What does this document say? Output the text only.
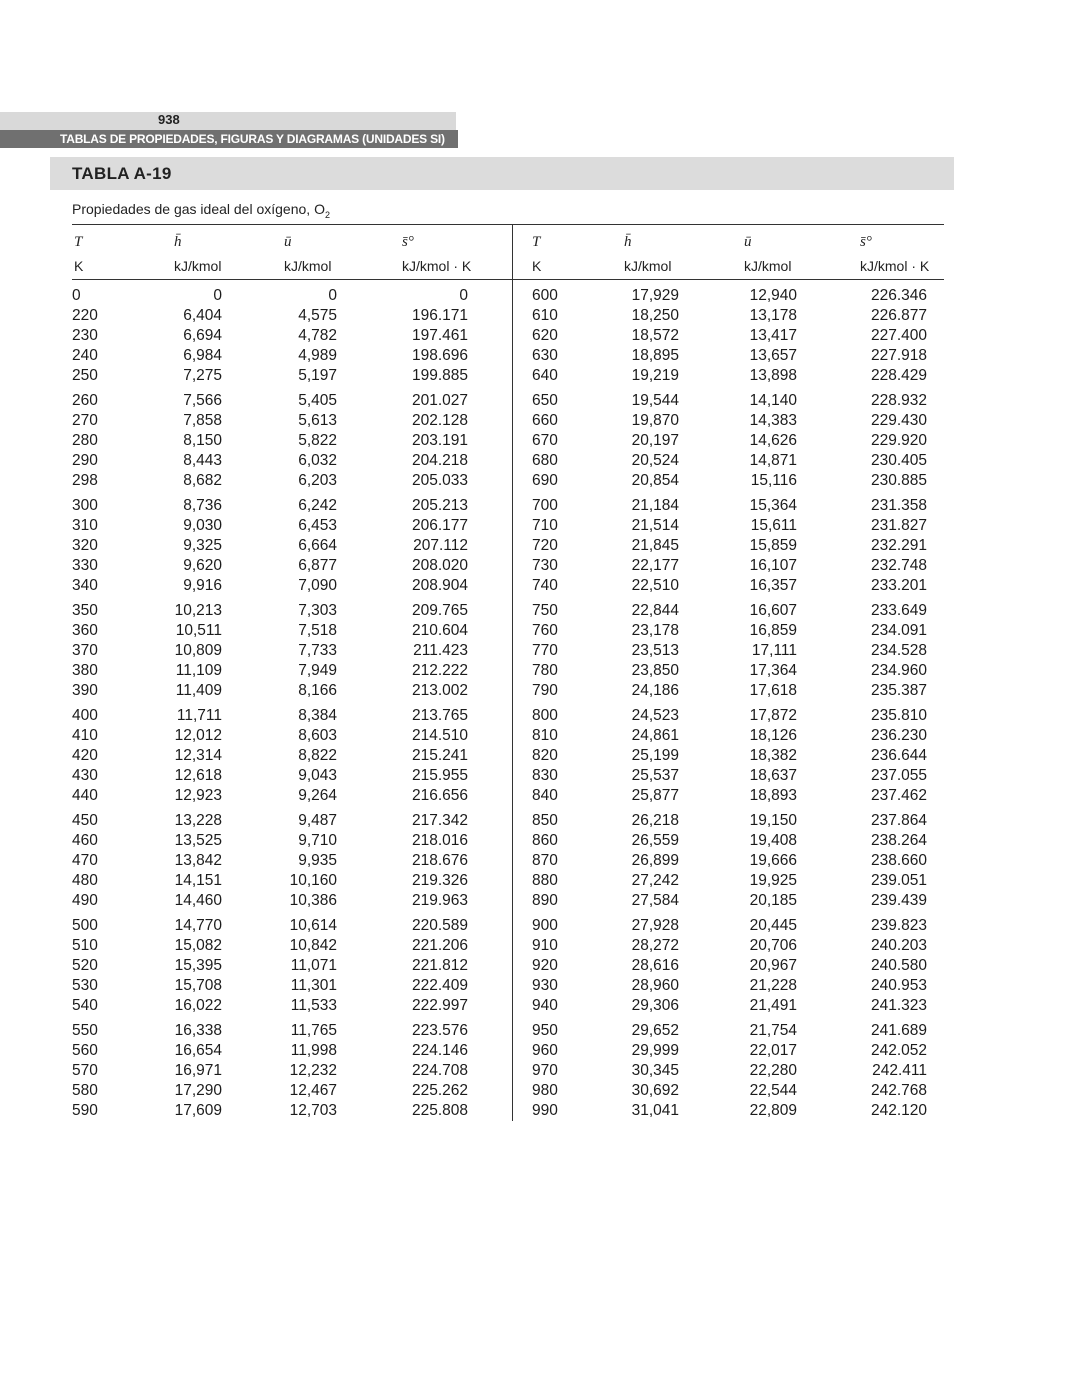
938
TABLAS DE PROPIEDADES, FIGURAS Y DIAGRAMAS (UNIDADES SI)
TABLA A-19
Propiedades de gas ideal del oxígeno, $O_2$
T
K
h̄
kJ/kmol
ū
kJ/kmol
s̄°
kJ/kmol · K
T
K
h̄
kJ/kmol
ū
kJ/kmol
s̄°
kJ/kmol · K
0
220
230
240
250
260
270
280
290
298
300
310
320
330
340
350
360
370
380
390
400
410
420
430
440
450
460
470
480
490
500
510
520
530
540
550
560
570
580
590
0
6,404
6,694
6,984
7,275
7,566
7,858
8,150
8,443
8,682
8,736
9,030
9,325
9,620
9,916
10,213
10,511
10,809
11,109
11,409
11,711
12,012
12,314
12,618
12,923
13,228
13,525
13,842
14,151
14,460
14,770
15,082
15,395
15,708
16,022
16,338
16,654
16,971
17,290
17,609
0
4,575
4,782
4,989
5,197
5,405
5,613
5,822
6,032
6,203
6,242
6,453
6,664
6,877
7,090
7,303
7,518
7,733
7,949
8,166
8,384
8,603
8,822
9,043
9,264
9,487
9,710
9,935
10,160
10,386
10,614
10,842
11,071
11,301
11,533
11,765
11,998
12,232
12,467
12,703
0
196.171
197.461
198.696
199.885
201.027
202.128
203.191
204.218
205.033
205.213
206.177
207.112
208.020
208.904
209.765
210.604
211.423
212.222
213.002
213.765
214.510
215.241
215.955
216.656
217.342
218.016
218.676
219.326
219.963
220.589
221.206
221.812
222.409
222.997
223.576
224.146
224.708
225.262
225.808
600
610
620
630
640
650
660
670
680
690
700
710
720
730
740
750
760
770
780
790
800
810
820
830
840
850
860
870
880
890
900
910
920
930
940
950
960
970
980
990
17,929
18,250
18,572
18,895
19,219
19,544
19,870
20,197
20,524
20,854
21,184
21,514
21,845
22,177
22,510
22,844
23,178
23,513
23,850
24,186
24,523
24,861
25,199
25,537
25,877
26,218
26,559
26,899
27,242
27,584
27,928
28,272
28,616
28,960
29,306
29,652
29,999
30,345
30,692
31,041
12,940
13,178
13,417
13,657
13,898
14,140
14,383
14,626
14,871
15,116
15,364
15,611
15,859
16,107
16,357
16,607
16,859
17,111
17,364
17,618
17,872
18,126
18,382
18,637
18,893
19,150
19,408
19,666
19,925
20,185
20,445
20,706
20,967
21,228
21,491
21,754
22,017
22,280
22,544
22,809
226.346
226.877
227.400
227.918
228.429
228.932
229.430
229.920
230.405
230.885
231.358
231.827
232.291
232.748
233.201
233.649
234.091
234.528
234.960
235.387
235.810
236.230
236.644
237.055
237.462
237.864
238.264
238.660
239.051
239.439
239.823
240.203
240.580
240.953
241.323
241.689
242.052
242.411
242.768
242.120
